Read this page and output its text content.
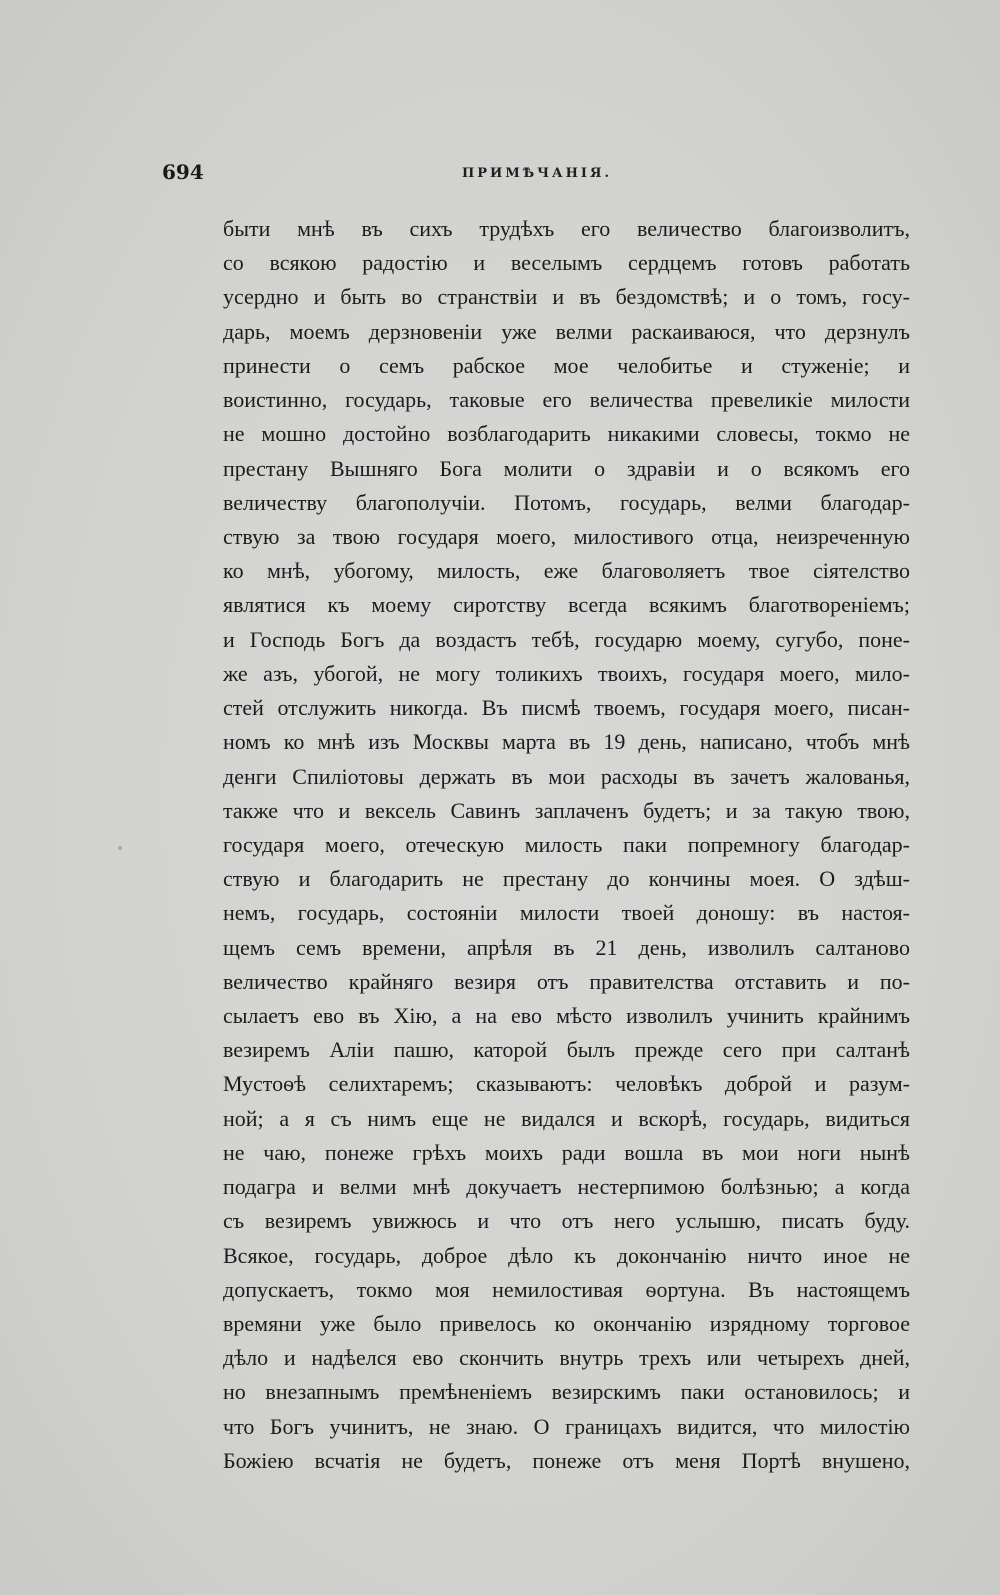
694	ПРИМѢЧАНІЯ.
быти мнѣ въ сихъ трудѣхъ его величество благоизволитъ,
со всякою радостію и веселымъ сердцемъ готовъ работать
усердно и быть во странствіи и въ бездомствѣ; и о томъ, госу-
дарь, моемъ дерзновеніи уже велми раскаиваюся, что дерзнулъ
принести о семъ рабское мое челобитье и стуженіе; и
воистинно, государь, таковые его величества превеликіе милости
не мошно достойно возблагодарить никакими словесы, токмо не
престану Вышняго Бога молити о здравіи и о всякомъ его
величеству благополучіи. Потомъ, государь, велми благодар-
ствую за твою государя моего, милостивого отца, неизреченную
ко мнѣ, убогому, милость, еже благоволяетъ твое сіятелство
являтися къ моему сиротству всегда всякимъ благотвореніемъ;
и Господь Богъ да воздастъ тебѣ, государю моему, сугубо, поне-
же азъ, убогой, не могу толикихъ твоихъ, государя моего, мило-
стей отслужить никогда. Въ писмѣ твоемъ, государя моего, писан-
номъ ко мнѣ изъ Москвы марта въ 19 день, написано, чтобъ мнѣ
денги Спиліотовы держать въ мои расходы въ зачетъ жалованья,
также что и вексель Савинъ заплаченъ будетъ; и за такую твою,
государя моего, отеческую милость паки попремногу благодар-
ствую и благодарить не престану до кончины моея. О здѣш-
немъ, государь, состояніи милости твоей доношу: въ настоя-
щемъ семъ времени, апрѣля въ 21 день, изволилъ салтаново
величество крайняго везиря отъ правителства отставить и по-
сылаетъ ево въ Хію, а на ево мѣсто изволилъ учинить крайнимъ
везиремъ Аліи пашю, каторой былъ прежде сего при салтанѣ
Мустоѳѣ селихтаремъ; сказываютъ: человѣкъ доброй и разум-
ной; а я съ нимъ еще не видался и вскорѣ, государь, видиться
не чаю, понеже грѣхъ моихъ ради вошла въ мои ноги нынѣ
подагра и велми мнѣ докучаетъ нестерпимою болѣзнью; а когда
съ везиремъ увижюсь и что отъ него услышю, писать буду.
Всякое, государь, доброе дѣло къ докончанію ничто иное не
допускаетъ, токмо моя немилостивая ѳортуна. Въ настоящемъ
времяни уже было привелось ко окончанію изрядному торговое
дѣло и надѣелся ево скончить внутрь трехъ или четырехъ дней,
но внезапнымъ премѣненіемъ везирскимъ паки остановилось; и
что Богъ учинитъ, не знаю. О границахъ видится, что милостію
Божіею всчатія не будетъ, понеже отъ меня Портѣ внушено,
